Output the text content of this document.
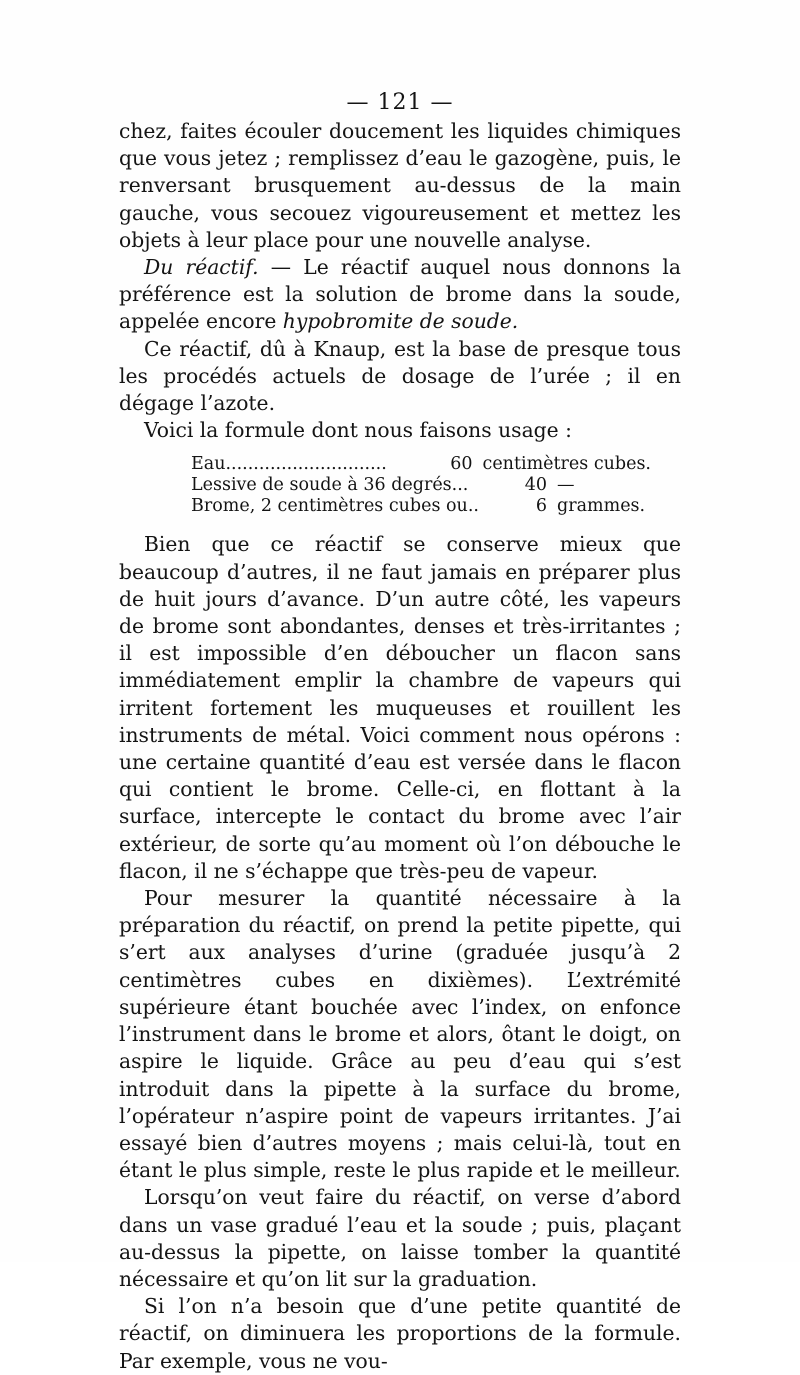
— 121 —

chez, faites écouler doucement les liquides chimiques que vous jetez ; remplissez d’eau le gazogène, puis, le renversant brusquement au-dessus de la main gauche, vous secouez vigoureusement et mettez les objets à leur place pour une nouvelle analyse.

Du réactif. — Le réactif auquel nous donnons la préférence est la solution de brome dans la soude, appelée encore hypobromite de soude.

Ce réactif, dû à Knaup, est la base de presque tous les procédés actuels de dosage de l’urée ; il en dégage l’azote.

Voici la formule dont nous faisons usage :

Eau.............................	60 centimètres cubes.
Lessive de soude à 36 degrés...	40 —
Brome, 2 centimètres cubes ou..	6 grammes.

Bien que ce réactif se conserve mieux que beaucoup d’autres, il ne faut jamais en préparer plus de huit jours d’avance. D’un autre côté, les vapeurs de brome sont abondantes, denses et très-irritantes ; il est impossible d’en déboucher un flacon sans immédiatement emplir la chambre de vapeurs qui irritent fortement les muqueuses et rouillent les instruments de métal. Voici comment nous opérons : une certaine quantité d’eau est versée dans le flacon qui contient le brome. Celle-ci, en flottant à la surface, intercepte le contact du brome avec l’air extérieur, de sorte qu’au moment où l’on débouche le flacon, il ne s’échappe que très-peu de vapeur.

Pour mesurer la quantité nécessaire à la préparation du réactif, on prend la petite pipette, qui s’ert aux analyses d’urine (graduée jusqu’à 2 centimètres cubes en dixièmes). L’extrémité supérieure étant bouchée avec l’index, on enfonce l’instrument dans le brome et alors, ôtant le doigt, on aspire le liquide. Grâce au peu d’eau qui s’est introduit dans la pipette à la surface du brome, l’opérateur n’aspire point de vapeurs irritantes. J’ai essayé bien d’autres moyens ; mais celui-là, tout en étant le plus simple, reste le plus rapide et le meilleur.

Lorsqu’on veut faire du réactif, on verse d’abord dans un vase gradué l’eau et la soude ; puis, plaçant au-dessus la pipette, on laisse tomber la quantité nécessaire et qu’on lit sur la graduation.

Si l’on n’a besoin que d’une petite quantité de réactif, on diminuera les proportions de la formule. Par exemple, vous ne vou-
